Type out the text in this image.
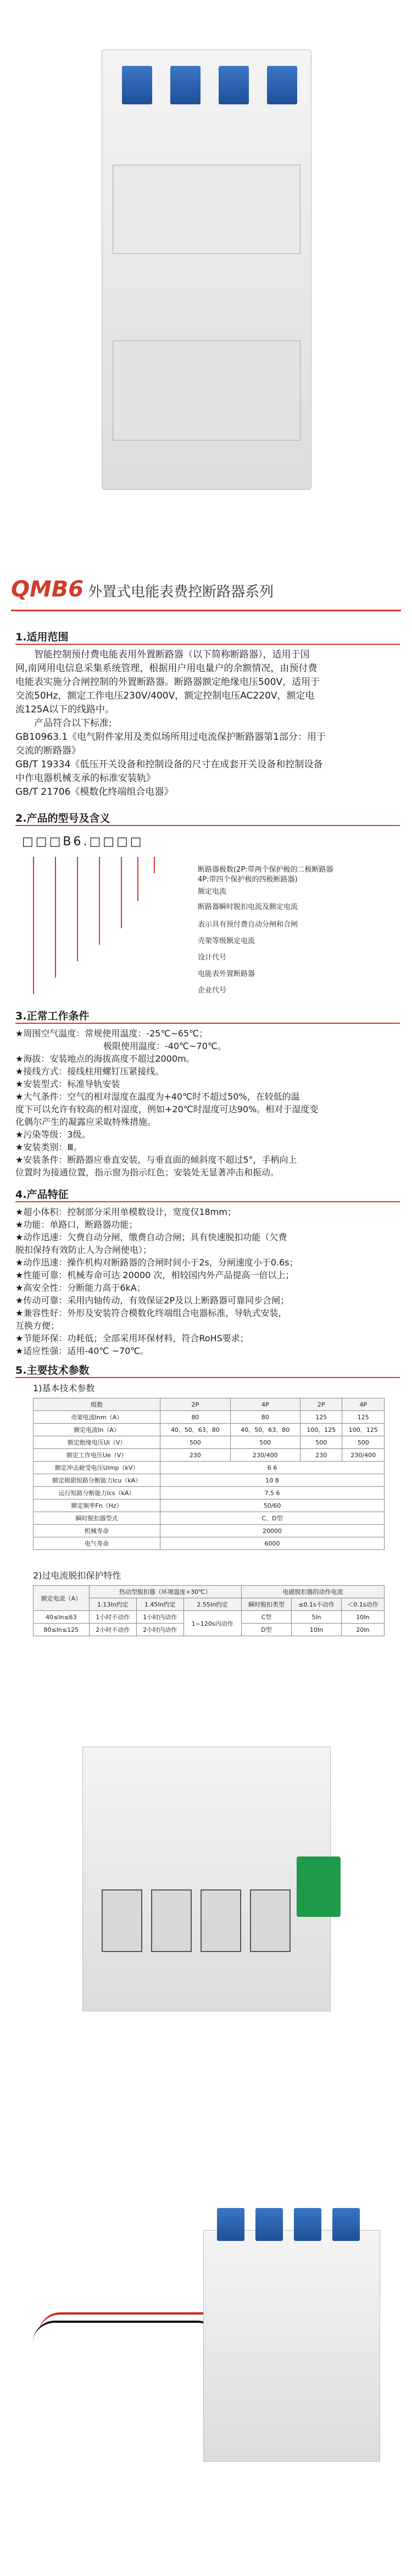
QMB6 外置式电能表费控断路器系列
1.适用范围
智能控制预付费电能表用外置断路器（以下简称断路器），适用于国
网,南网用电信息采集系统管理，根据用户用电量户的余额情况，由预付费
电能表实施分合闸控制的外置断路器。断路器额定绝缘电压500V，适用于
交流50Hz，额定工作电压230V/400V，额定控制电压AC220V，额定电
流125A以下的线路中。
产品符合以下标准:
GB10963.1《电气附件家用及类似场所用过电流保护断路器第1部分：用于
交流的断路器》
GB/T 19334《低压开关设备和控制设备的尺寸在成套开关设备和控制设备
中作电器机械支承的标准安装轨》
GB/T 21706《模数化终端组合电器》
2.产品的型号及含义
□□□B6.□□□□
断路器极数(2P:带两个保护极的二极断路器
4P:带四个保护极的四极断路器)
额定电流
断路器瞬时脱扣电流及额定电流
表示具有预付费自动分闸和合闸
壳架等级额定电流
设计代号
电能表外置断路器
企业代号
3.正常工作条件
★周围空气温度：常规使用温度：-25℃~65℃；
极限使用温度：-40℃~70℃。
★海拔：安装地点的海拔高度不超过2000m。
★接线方式：接线柱用螺钉压紧接线。
★安装型式：标准导轨安装
★大气条件：空气的相对湿度在温度为+40℃时不超过50%，在较低的温
度下可以允许有较高的相对湿度，例如+20℃时湿度可达90%。相对于湿度变
化偶尔产生的凝露应采取特殊措施。
★污染等级：3级。
★安装类别：Ⅲ。
★安装条件：断路器应垂直安装，与垂直面的倾斜度不超过5°，手柄向上
位置时为接通位置，指示窗为指示红色；安装处无显著冲击和振动。
4.产品特征
★超小体积：控制部分采用单模数设计，宽度仅18mm；
★功能：单路口，断路器功能；
★动作迅速：欠费自动分闸，缴费自动合闸；具有快速脱扣功能（欠费
脱扣保持有效防止人为合闸使电）；
★动作迅速：操作机构对断路器的合闸时间小于2s，分闸速度小于0.6s；
★性能可靠：机械寿命可达 20000 次，相较国内外产品提高一倍以上；
★高安全性：分断能力高于6kA；
★传动可靠：采用内轴传动，有效保证2P及以上断路器可靠同步合闸；
★兼容性好：外形及安装符合模数化终端组合电器标准，导轨式安装，
互换方便；
★节能环保：功耗低；全部采用环保材料，符合RoHS要求；
★适应性强：适用-40℃ ~70℃。
5.主要技术参数
1)基本技术参数
级数	2P	4P	2P	4P
壳架电流Inm（A）	80	80	125	125
额定电流In（A）	40、50、63、80	40、50、63、80	100、125	100、125
额定绝缘电压Ui（V）	500	500	500	500
额定工作电压Ue（V）	230	230/400	230	230/400
额定冲击耐受电压Uimp（kV）	6 6			
额定极限短路分断能力Icu（kA）	10 8			
运行短路分断能力Ics（kA）	7.5 6			
额定频率Fn（Hz）	50/60			
瞬时脱扣器型式	C、D型			
机械寿命	20000			
电气寿命	6000			
2)过电流脱扣保护特性
额定电流（A）	热动型脱扣器（环境温度+30℃）			电磁脱扣器的动作电流		
	1.13In约定	1.45In约定	2.55In约定	瞬时脱扣类型	≤0.1s不动作	＜0.1s动作
40≤In≤63	1小时不动作	1小时内动作	1~120s内动作	C型	5In	10In
80≤In≤125	2小时不动作	2小时内动作		D型	10In	20In
